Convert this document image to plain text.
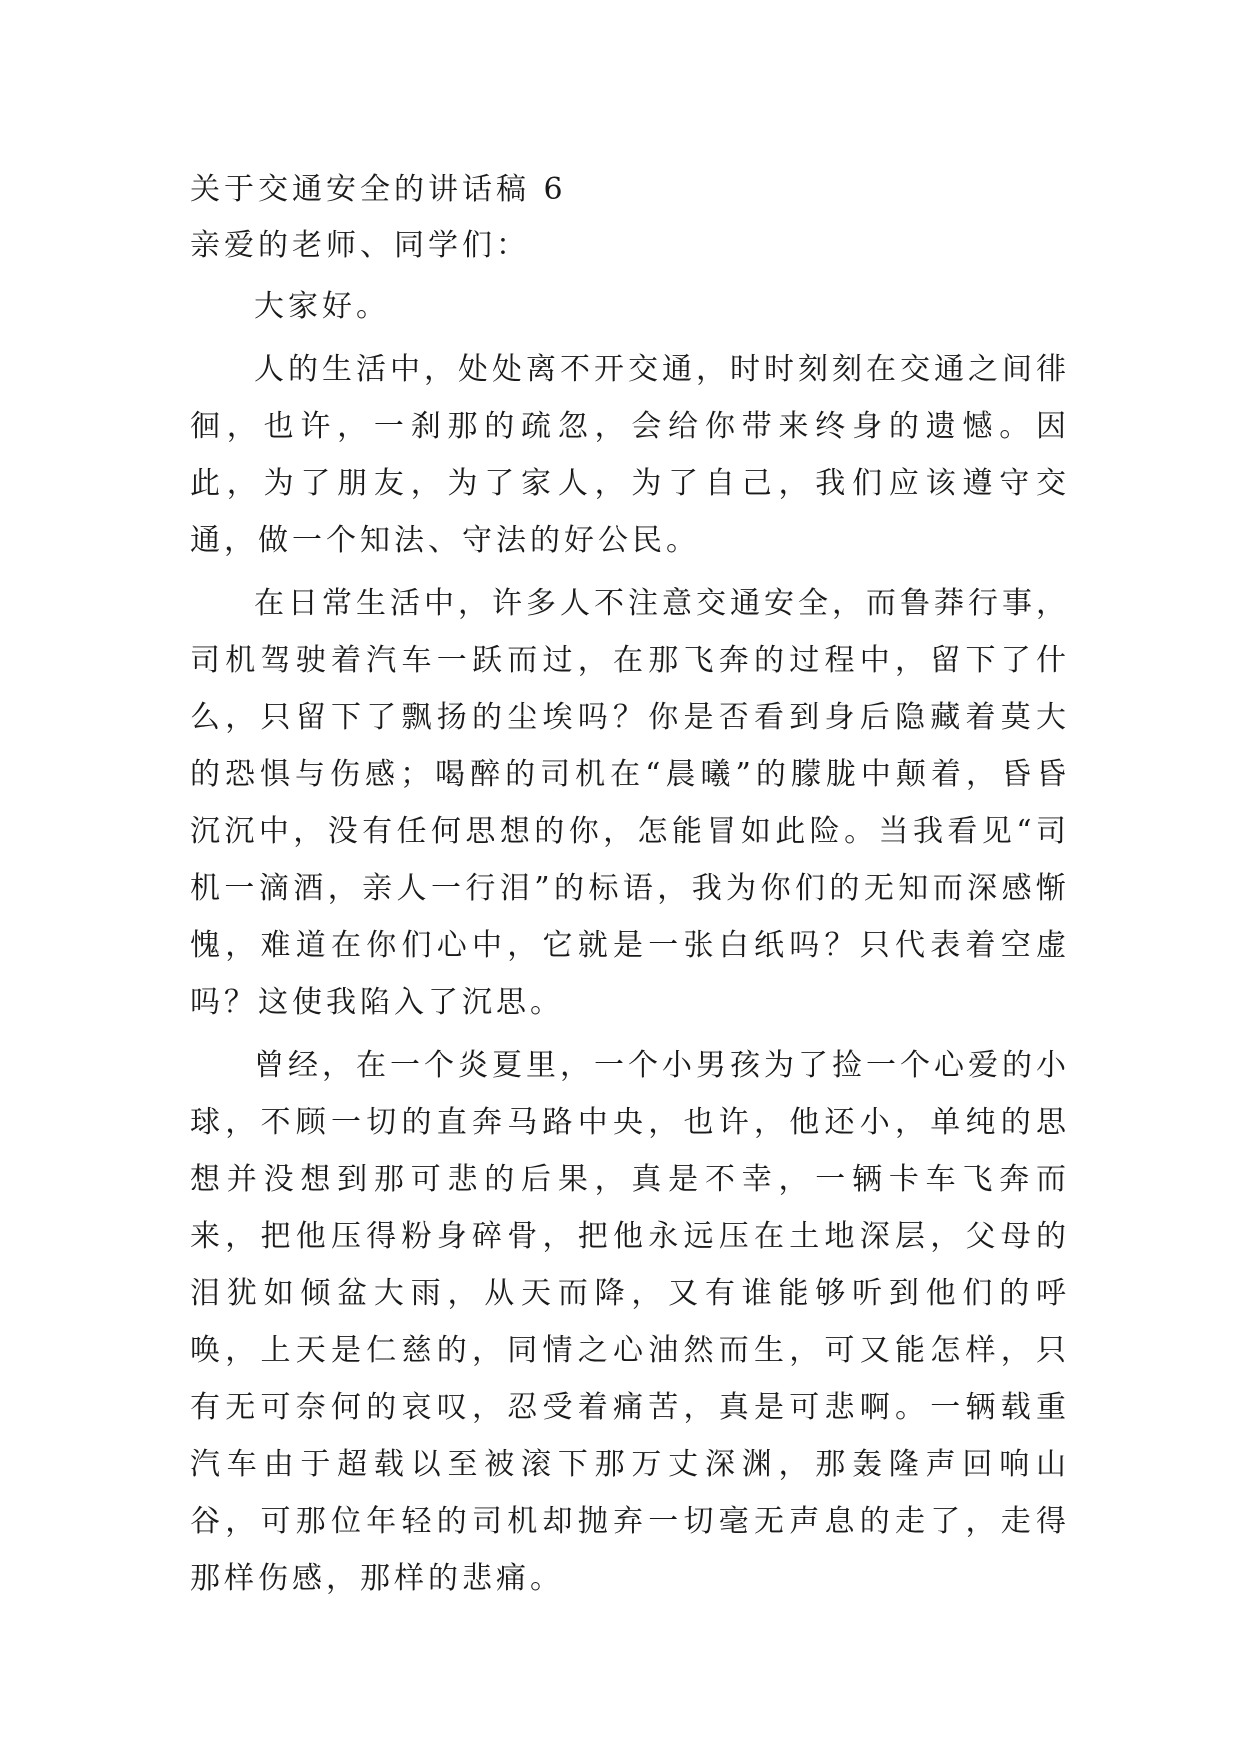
关于交通安全的讲话稿 6

亲爱的老师、同学们：

大家好。

人的生活中，处处离不开交通，时时刻刻在交通之间徘徊，也许，一刹那的疏忽，会给你带来终身的遗憾。因此，为了朋友，为了家人，为了自己，我们应该遵守交通，做一个知法、守法的好公民。

在日常生活中，许多人不注意交通安全，而鲁莽行事，司机驾驶着汽车一跃而过，在那飞奔的过程中，留下了什么，只留下了飘扬的尘埃吗？你是否看到身后隐藏着莫大的恐惧与伤感；喝醉的司机在“晨曦”的朦胧中颠着，昏昏沉沉中，没有任何思想的你，怎能冒如此险。当我看见“司机一滴酒，亲人一行泪”的标语，我为你们的无知而深感惭愧，难道在你们心中，它就是一张白纸吗？只代表着空虚吗？这使我陷入了沉思。

曾经，在一个炎夏里，一个小男孩为了捡一个心爱的小球，不顾一切的直奔马路中央，也许，他还小，单纯的思想并没想到那可悲的后果，真是不幸，一辆卡车飞奔而来，把他压得粉身碎骨，把他永远压在土地深层，父母的泪犹如倾盆大雨，从天而降，又有谁能够听到他们的呼唤，上天是仁慈的，同情之心油然而生，可又能怎样，只有无可奈何的哀叹，忍受着痛苦，真是可悲啊。一辆载重汽车由于超载以至被滚下那万丈深渊，那轰隆声回响山谷，可那位年轻的司机却抛弃一切毫无声息的走了，走得那样伤感，那样的悲痛。
